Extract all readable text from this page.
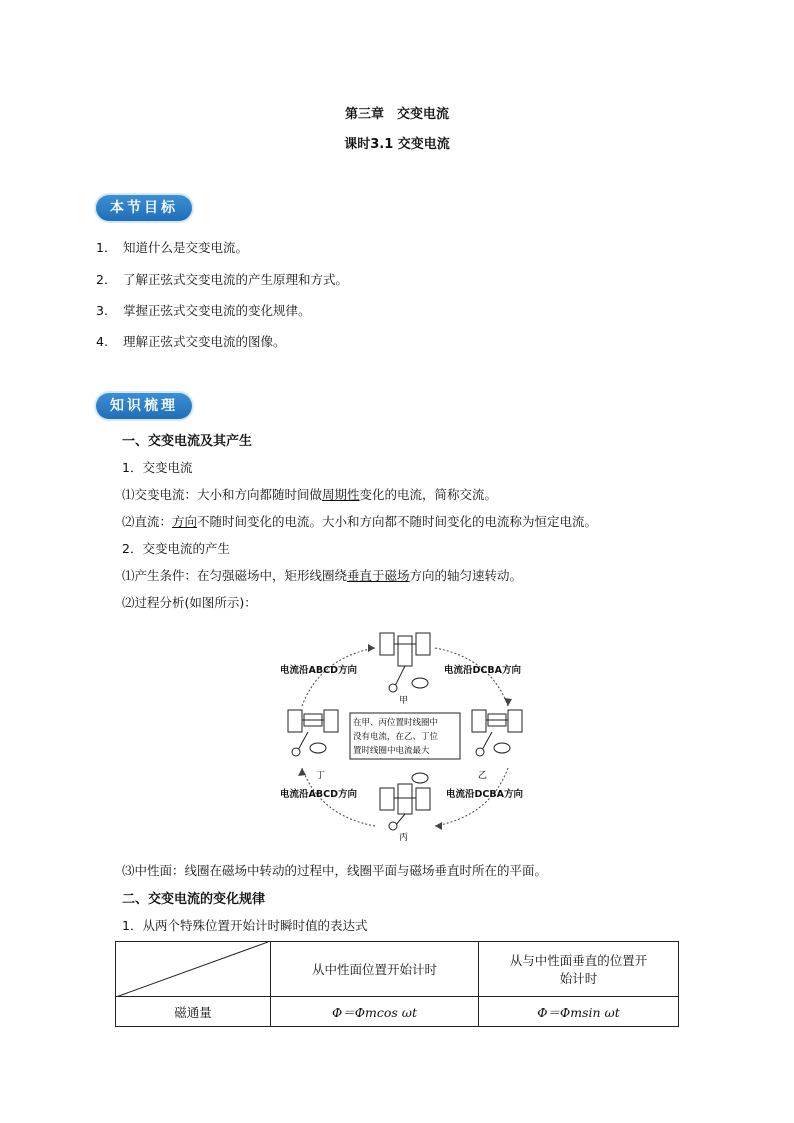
第三章　交变电流
课时3.1 交变电流
本节目标
1. 知道什么是交变电流。
2. 了解正弦式交变电流的产生原理和方式。
3. 掌握正弦式交变电流的变化规律。
4. 理解正弦式交变电流的图像。
知识梳理
一、交变电流及其产生
1．交变电流
⑴交变电流：大小和方向都随时间做周期性变化的电流，简称交流。
⑵直流：方向不随时间变化的电流。大小和方向都不随时间变化的电流称为恒定电流。
2．交变电流的产生
⑴产生条件：在匀强磁场中，矩形线圈绕垂直于磁场方向的轴匀速转动。
⑵过程分析(如图所示)：
甲
乙
丙
丁
在甲、丙位置时线圈中
没有电流，在乙、丁位
置时线圈中电流最大
电流沿ABCD方向	电流沿DCBA方向
电流沿ABCD方向	电流沿DCBA方向
⑶中性面：线圈在磁场中转动的过程中，线圈平面与磁场垂直时所在的平面。
二、交变电流的变化规律
1．从两个特殊位置开始计时瞬时值的表达式
	从中性面位置开始计时	从与中性面垂直的位置开
始计时

磁通量	Φ＝Φmcos ωt	Φ＝Φmsin ωt
